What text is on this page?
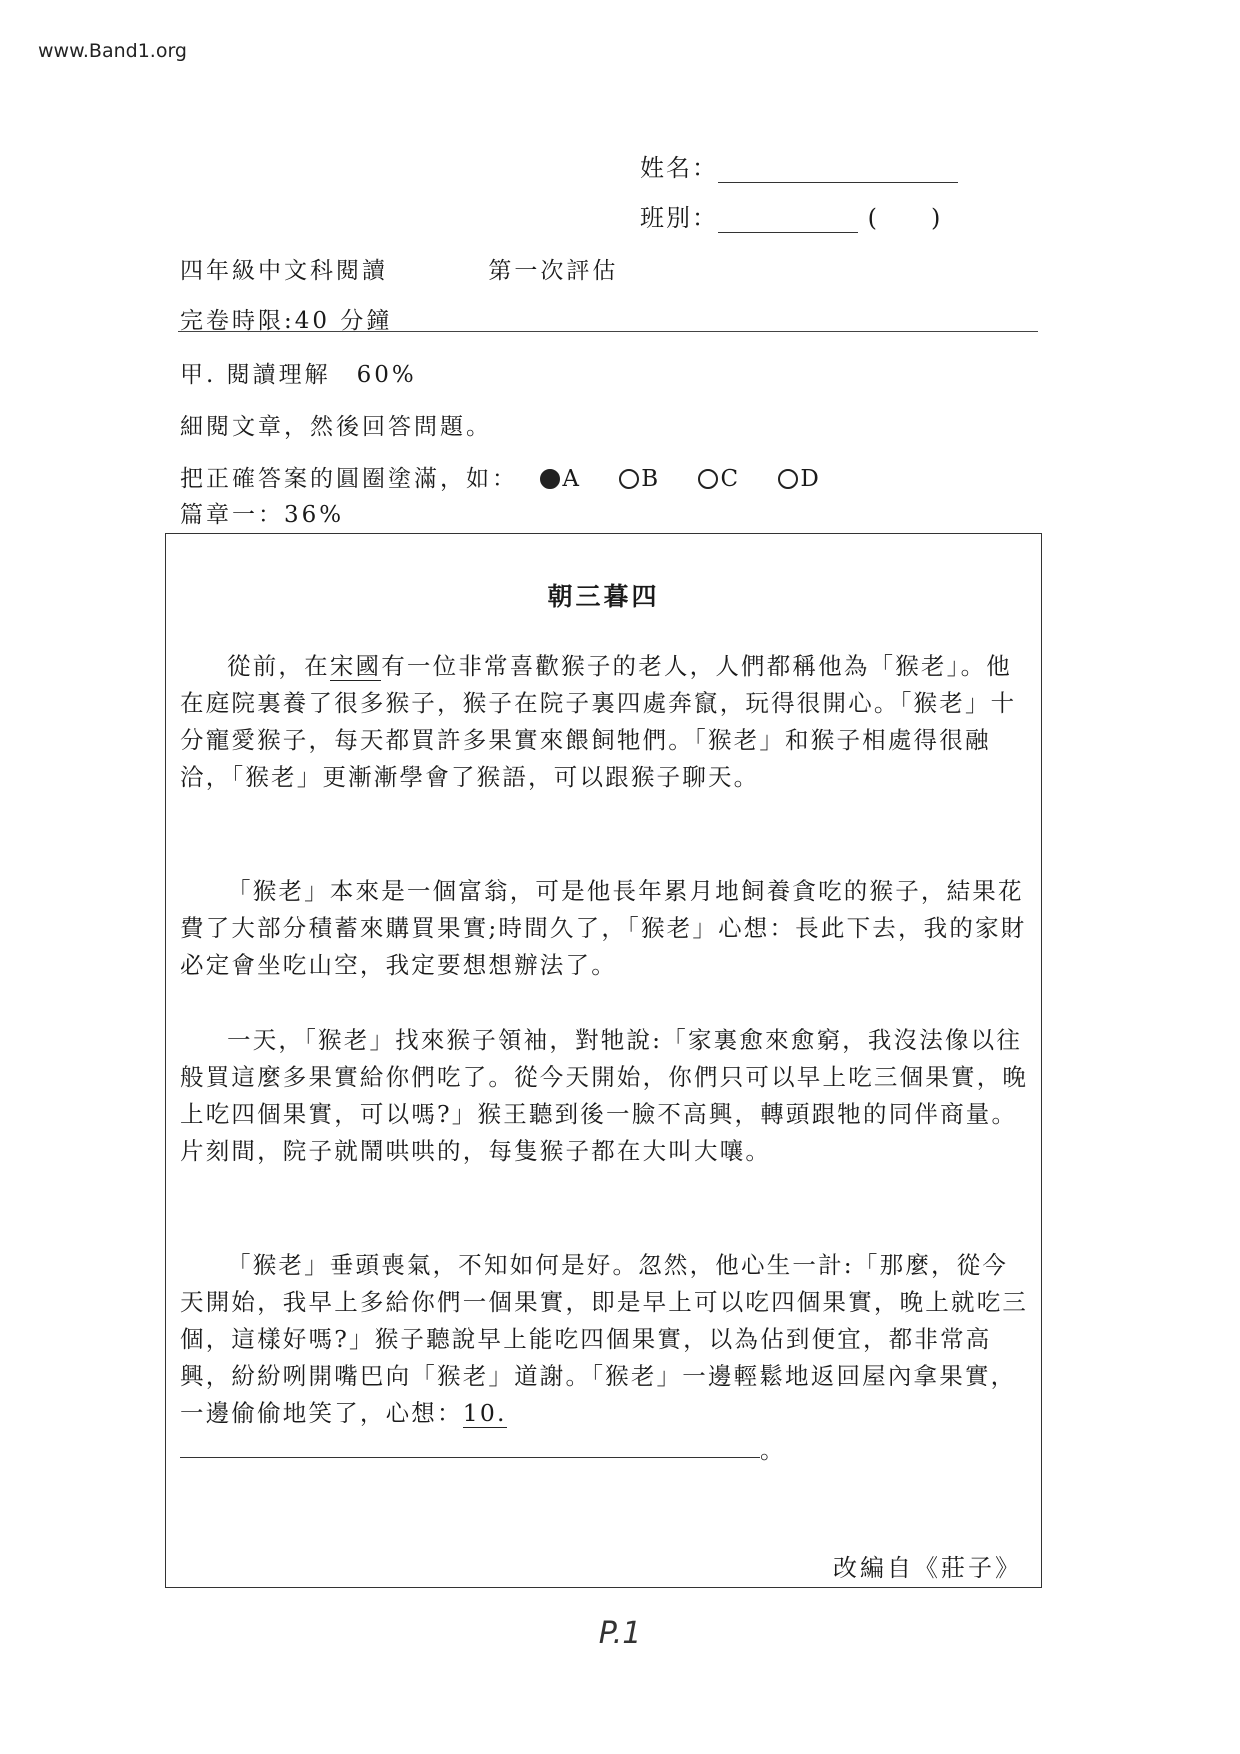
www.Band1.org
姓名：
班別：	(　　)
四年級中文科閱讀	第一次評估
完卷時限:40 分鐘
甲. 閱讀理解　60%
細閱文章，然後回答問題。
把正確答案的圓圈塗滿，如： A	B	C	D
篇章一：36%
朝三暮四

從前，在宋國有一位非常喜歡猴子的老人，人們都稱他為「猴老」。他在庭院裏養了很多猴子，猴子在院子裏四處奔竄，玩得很開心。「猴老」十分寵愛猴子，每天都買許多果實來餵飼牠們。「猴老」和猴子相處得很融洽，「猴老」更漸漸學會了猴語，可以跟猴子聊天。

「猴老」本來是一個富翁，可是他長年累月地飼養貪吃的猴子，結果花費了大部分積蓄來購買果實;時間久了，「猴老」心想：長此下去，我的家財必定會坐吃山空，我定要想想辦法了。

一天，「猴老」找來猴子領袖，對牠說:「家裏愈來愈窮，我沒法像以往般買這麼多果實給你們吃了。從今天開始，你們只可以早上吃三個果實，晚上吃四個果實，可以嗎?」猴王聽到後一臉不高興，轉頭跟牠的同伴商量。片刻間，院子就鬧哄哄的，每隻猴子都在大叫大嚷。

「猴老」垂頭喪氣，不知如何是好。忽然，他心生一計:「那麼，從今天開始，我早上多給你們一個果實，即是早上可以吃四個果實，晚上就吃三個，這樣好嗎?」猴子聽說早上能吃四個果實，以為佔到便宜，都非常高興，紛紛咧開嘴巴向「猴老」道謝。「猴老」一邊輕鬆地返回屋內拿果實，一邊偷偷地笑了，心想：10.。

改編自《莊子》
P.1
